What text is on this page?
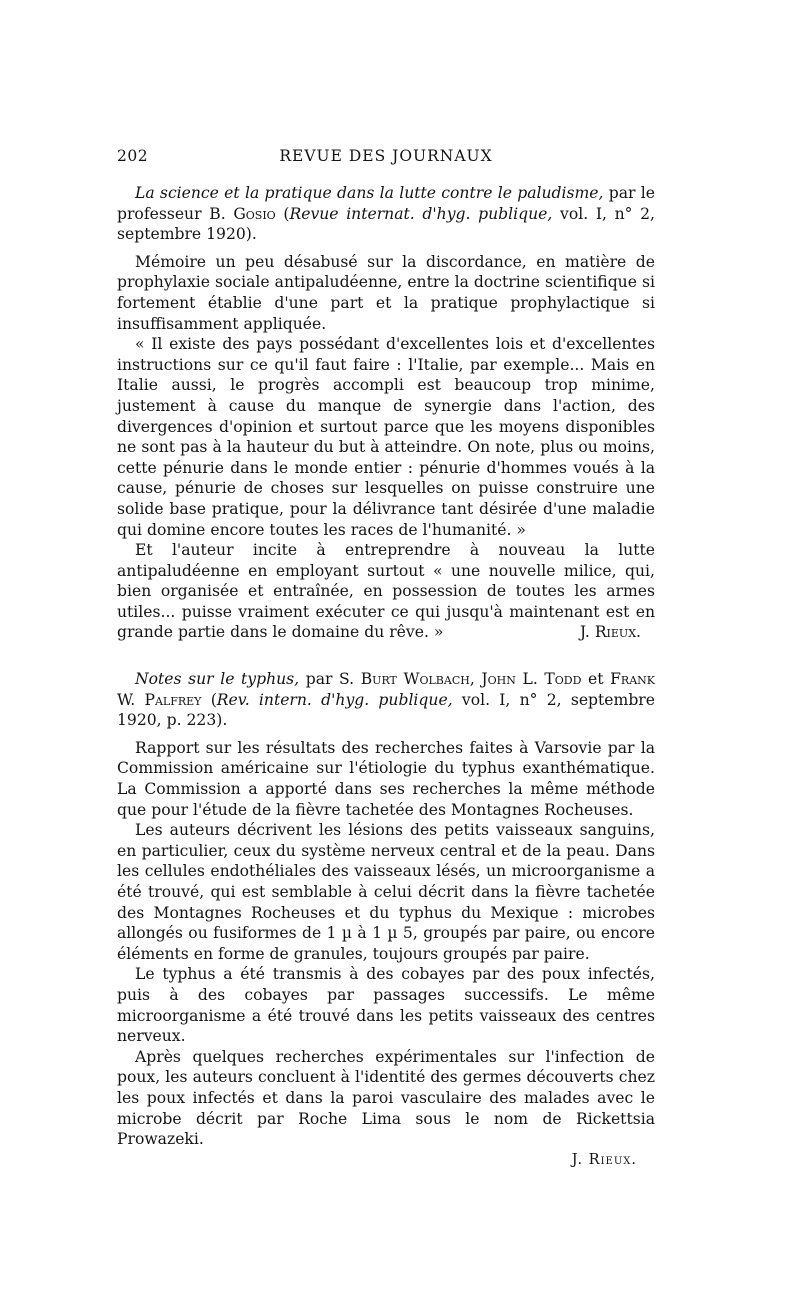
202	REVUE DES JOURNAUX

La science et la pratique dans la lutte contre le paludisme, par le professeur B. Gosio (Revue internat. d'hyg. publique, vol. I, n° 2, septembre 1920).

Mémoire un peu désabusé sur la discordance, en matière de prophylaxie sociale antipaludéenne, entre la doctrine scientifique si fortement établie d'une part et la pratique prophylactique si insuffisamment appliquée.

« Il existe des pays possédant d'excellentes lois et d'excellentes instructions sur ce qu'il faut faire : l'Italie, par exemple... Mais en Italie aussi, le progrès accompli est beaucoup trop minime, justement à cause du manque de synergie dans l'action, des divergences d'opinion et surtout parce que les moyens disponibles ne sont pas à la hauteur du but à atteindre. On note, plus ou moins, cette pénurie dans le monde entier : pénurie d'hommes voués à la cause, pénurie de choses sur lesquelles on puisse construire une solide base pratique, pour la délivrance tant désirée d'une maladie qui domine encore toutes les races de l'humanité. »

Et l'auteur incite à entreprendre à nouveau la lutte antipaludéenne en employant surtout « une nouvelle milice, qui, bien organisée et entraînée, en possession de toutes les armes utiles... puisse vraiment exécuter ce qui jusqu'à maintenant est en grande partie dans le domaine du rêve. »	J. Rieux.

Notes sur le typhus, par S. Burt Wolbach, John L. Todd et Frank W. Palfrey (Rev. intern. d'hyg. publique, vol. I, n° 2, septembre 1920, p. 223).

Rapport sur les résultats des recherches faites à Varsovie par la Commission américaine sur l'étiologie du typhus exanthématique. La Commission a apporté dans ses recherches la même méthode que pour l'étude de la fièvre tachetée des Montagnes Rocheuses.

Les auteurs décrivent les lésions des petits vaisseaux sanguins, en particulier, ceux du système nerveux central et de la peau. Dans les cellules endothéliales des vaisseaux lésés, un microorganisme a été trouvé, qui est semblable à celui décrit dans la fièvre tachetée des Montagnes Rocheuses et du typhus du Mexique : microbes allongés ou fusiformes de 1 µ à 1 µ 5, groupés par paire, ou encore éléments en forme de granules, toujours groupés par paire.

Le typhus a été transmis à des cobayes par des poux infectés, puis à des cobayes par passages successifs. Le même microorganisme a été trouvé dans les petits vaisseaux des centres nerveux.

Après quelques recherches expérimentales sur l'infection de poux, les auteurs concluent à l'identité des germes découverts chez les poux infectés et dans la paroi vasculaire des malades avec le microbe décrit par Roche Lima sous le nom de Rickettsia Prowazeki.

J. Rieux.
